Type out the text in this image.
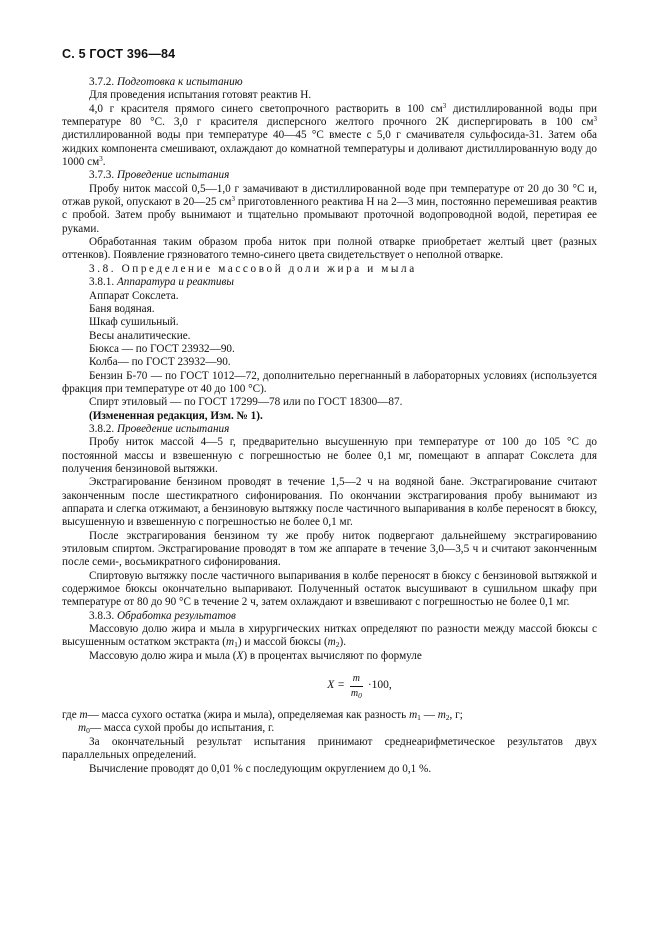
С. 5 ГОСТ 396—84

3.7.2. Подготовка к испытанию

Для проведения испытания готовят реактив Н.

4,0 г красителя прямого синего светопрочного растворить в 100 $см^3$ дистиллированной воды при температуре 80 °С. 3,0 г красителя дисперсного желтого прочного 2К диспергировать в 100 $см^3$ дистиллированной воды при температуре 40—45 °С вместе с 5,0 г смачивателя сульфосида-31. Затем оба жидких компонента смешивают, охлаждают до комнатной температуры и доливают дистиллированную воду до 1000 $см^3$.

3.7.3. Проведение испытания

Пробу ниток массой 0,5—1,0 г замачивают в дистиллированной воде при температуре от 20 до 30 °С и, отжав рукой, опускают в 20—25 $см^3$ приготовленного реактива Н на 2—3 мин, постоянно перемешивая реактив с пробой. Затем пробу вынимают и тщательно промывают проточной водопроводной водой, перетирая ее руками.

Обработанная таким образом проба ниток при полной отварке приобретает желтый цвет (разных оттенков). Появление грязноватого темно-синего цвета свидетельствует о неполной отварке.

3.8. Определение массовой доли жира и мыла

3.8.1. Аппаратура и реактивы

Аппарат Сокслета.

Баня водяная.

Шкаф сушильный.

Весы аналитические.

Бюкса — по ГОСТ 23932—90.

Колба— по ГОСТ 23932—90.

Бензин Б-70 — по ГОСТ 1012—72, дополнительно перегнанный в лабораторных условиях (используется фракция при температуре от 40 до 100 °С).

Спирт этиловый — по ГОСТ 17299—78 или по ГОСТ 18300—87.

(Измененная редакция, Изм. № 1).

3.8.2. Проведение испытания

Пробу ниток массой 4—5 г, предварительно высушенную при температуре от 100 до 105 °С до постоянной массы и взвешенную с погрешностью не более 0,1 мг, помещают в аппарат Сокслета для получения бензиновой вытяжки.

Экстрагирование бензином проводят в течение 1,5—2 ч на водяной бане. Экстрагирование считают законченным после шестикратного сифонирования. По окончании экстрагирования пробу вынимают из аппарата и слегка отжимают, а бензиновую вытяжку после частичного выпаривания в колбе переносят в бюксу, высушенную и взвешенную с погрешностью не более 0,1 мг.

После экстрагирования бензином ту же пробу ниток подвергают дальнейшему экстрагированию этиловым спиртом. Экстрагирование проводят в том же аппарате в течение 3,0—3,5 ч и считают законченным после семи-, восьмикратного сифонирования.

Спиртовую вытяжку после частичного выпаривания в колбе переносят в бюксу с бензиновой вытяжкой и содержимое бюксы окончательно выпаривают. Полученный остаток высушивают в сушильном шкафу при температуре от 80 до 90 °С в течение 2 ч, затем охлаждают и взвешивают с погрешностью не более 0,1 мг.

3.8.3. Обработка результатов

Массовую долю жира и мыла в хирургических нитках определяют по разности между массой бюксы с высушенным остатком экстракта $(m_1)$ и массой бюксы $(m_2)$.

Массовую долю жира и мыла (X) в процентах вычисляют по формуле

$X = \frac{m}{m_0} \cdot 100$,

где m— масса сухого остатка (жира и мыла), определяемая как разность $m_1$ — $m_2$, г;

$m_0—$ масса сухой пробы до испытания, г.

За окончательный результат испытания принимают среднеарифметическое результатов двух параллельных определений.

Вычисление проводят до 0,01 % с последующим округлением до 0,1 %.
